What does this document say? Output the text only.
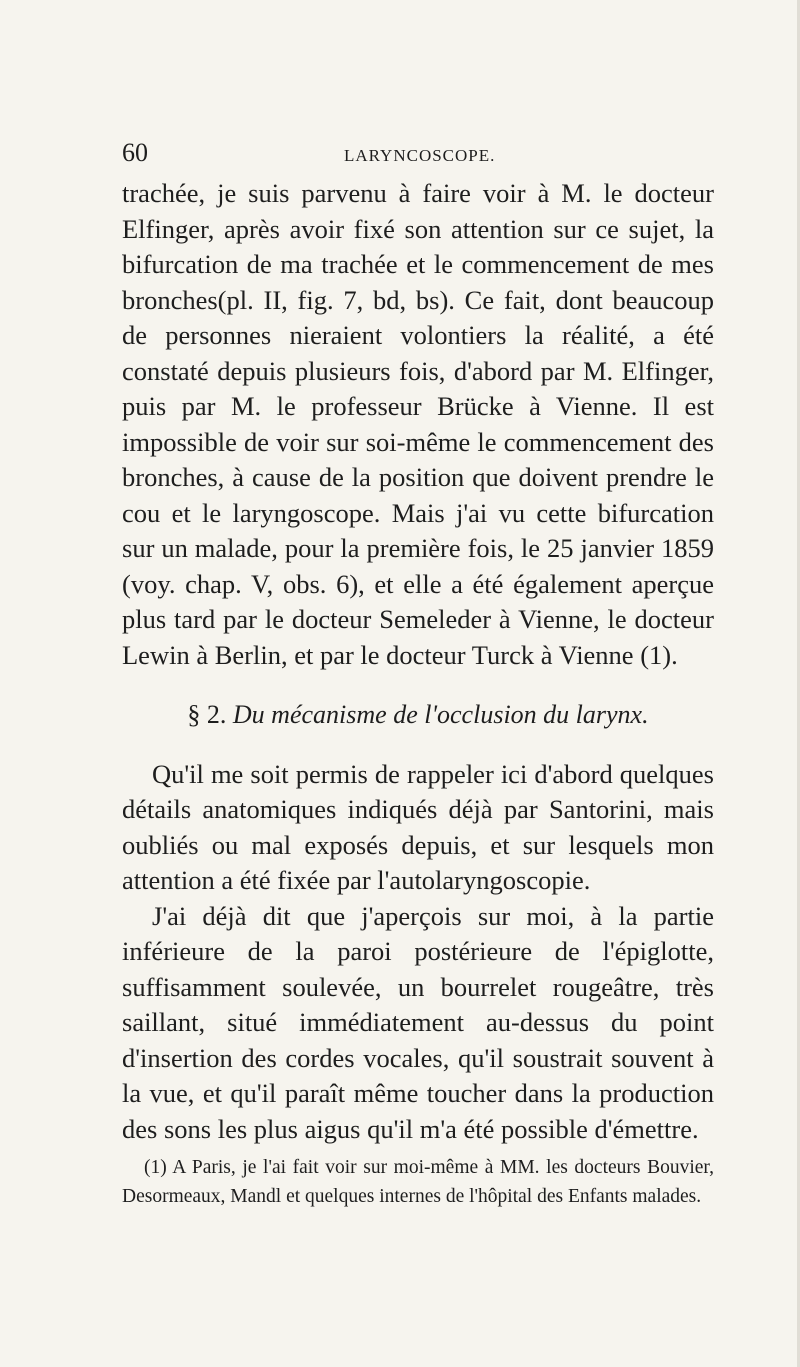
60	LARYNCOSCOPE.

trachée, je suis parvenu à faire voir à M. le docteur Elfinger, après avoir fixé son attention sur ce sujet, la bifurcation de ma trachée et le commencement de mes bronches(pl. II, fig. 7, bd, bs). Ce fait, dont beaucoup de personnes nieraient volontiers la réalité, a été constaté depuis plusieurs fois, d'abord par M. Elfinger, puis par M. le professeur Brücke à Vienne. Il est impossible de voir sur soi-même le commencement des bronches, à cause de la position que doivent prendre le cou et le laryngoscope. Mais j'ai vu cette bifurcation sur un malade, pour la première fois, le 25 janvier 1859 (voy. chap. V, obs. 6), et elle a été également aperçue plus tard par le docteur Semeleder à Vienne, le docteur Lewin à Berlin, et par le docteur Turck à Vienne (1).

§ 2. Du mécanisme de l'occlusion du larynx.

Qu'il me soit permis de rappeler ici d'abord quelques détails anatomiques indiqués déjà par Santorini, mais oubliés ou mal exposés depuis, et sur lesquels mon attention a été fixée par l'autolaryngoscopie.

J'ai déjà dit que j'aperçois sur moi, à la partie inférieure de la paroi postérieure de l'épiglotte, suffisamment soulevée, un bourrelet rougeâtre, très saillant, situé immédiatement au-dessus du point d'insertion des cordes vocales, qu'il soustrait souvent à la vue, et qu'il paraît même toucher dans la production des sons les plus aigus qu'il m'a été possible d'émettre.

(1) A Paris, je l'ai fait voir sur moi-même à MM. les docteurs Bouvier, Desormeaux, Mandl et quelques internes de l'hôpital des Enfants malades.
